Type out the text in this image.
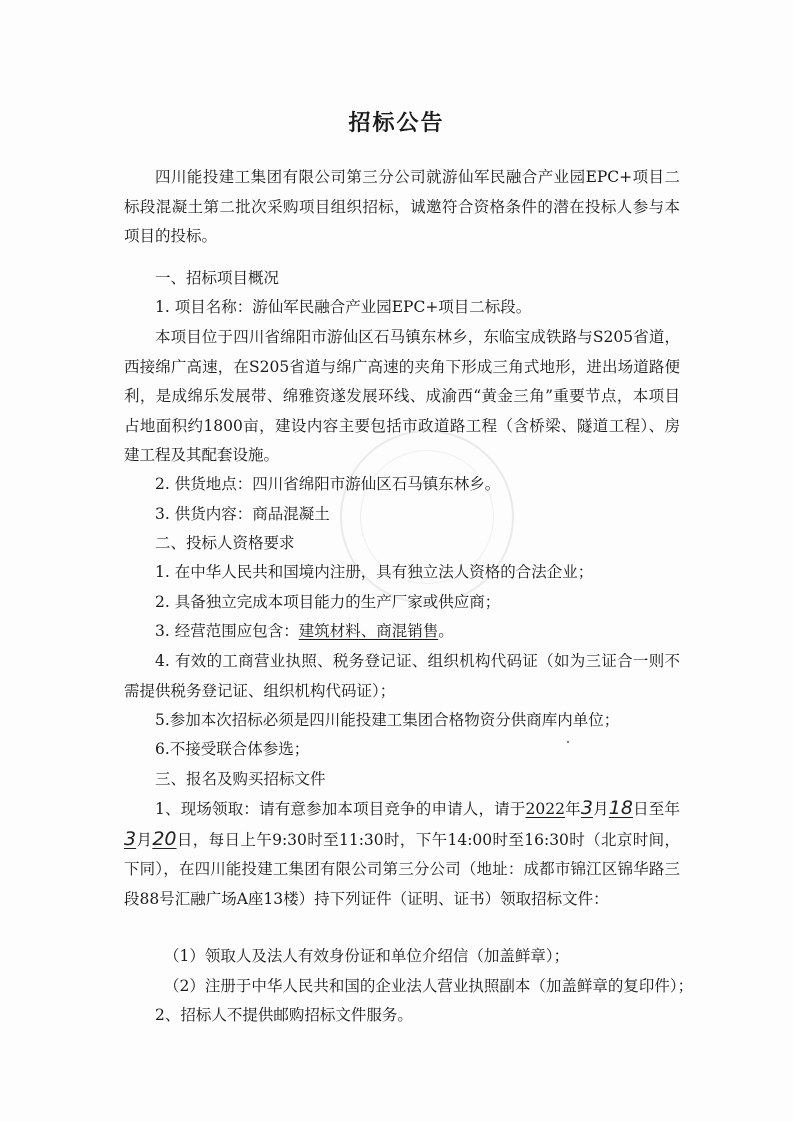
招标公告

四川能投建工集团有限公司第三分公司就游仙军民融合产业园EPC+项目二标段混凝土第二批次采购项目组织招标，诚邀符合资格条件的潜在投标人参与本项目的投标。

一、招标项目概况

1. 项目名称：游仙军民融合产业园EPC+项目二标段。

本项目位于四川省绵阳市游仙区石马镇东林乡，东临宝成铁路与S205省道，西接绵广高速，在S205省道与绵广高速的夹角下形成三角式地形，进出场道路便利，是成绵乐发展带、绵雅资遂发展环线、成渝西“黄金三角”重要节点，本项目占地面积约1800亩，建设内容主要包括市政道路工程（含桥梁、隧道工程）、房建工程及其配套设施。

2. 供货地点：四川省绵阳市游仙区石马镇东林乡。

3. 供货内容：商品混凝土

二、投标人资格要求

1. 在中华人民共和国境内注册，具有独立法人资格的合法企业；

2. 具备独立完成本项目能力的生产厂家或供应商；

3. 经营范围应包含：建筑材料、商混销售。

4. 有效的工商营业执照、税务登记证、组织机构代码证（如为三证合一则不需提供税务登记证、组织机构代码证）；

5.参加本次招标必须是四川能投建工集团合格物资分供商库内单位；

6.不接受联合体参选；

三、报名及购买招标文件

1、现场领取：请有意参加本项目竞争的申请人，请于2022年3月18日至年3月20日，每日上午9:30时至11:30时，下午14:00时至16:30时（北京时间，下同），在四川能投建工集团有限公司第三分公司（地址：成都市锦江区锦华路三段88号汇融广场A座13楼）持下列证件（证明、证书）领取招标文件：

（1）领取人及法人有效身份证和单位介绍信（加盖鲜章）；

（2）注册于中华人民共和国的企业法人营业执照副本（加盖鲜章的复印件）；

2、招标人不提供邮购招标文件服务。
